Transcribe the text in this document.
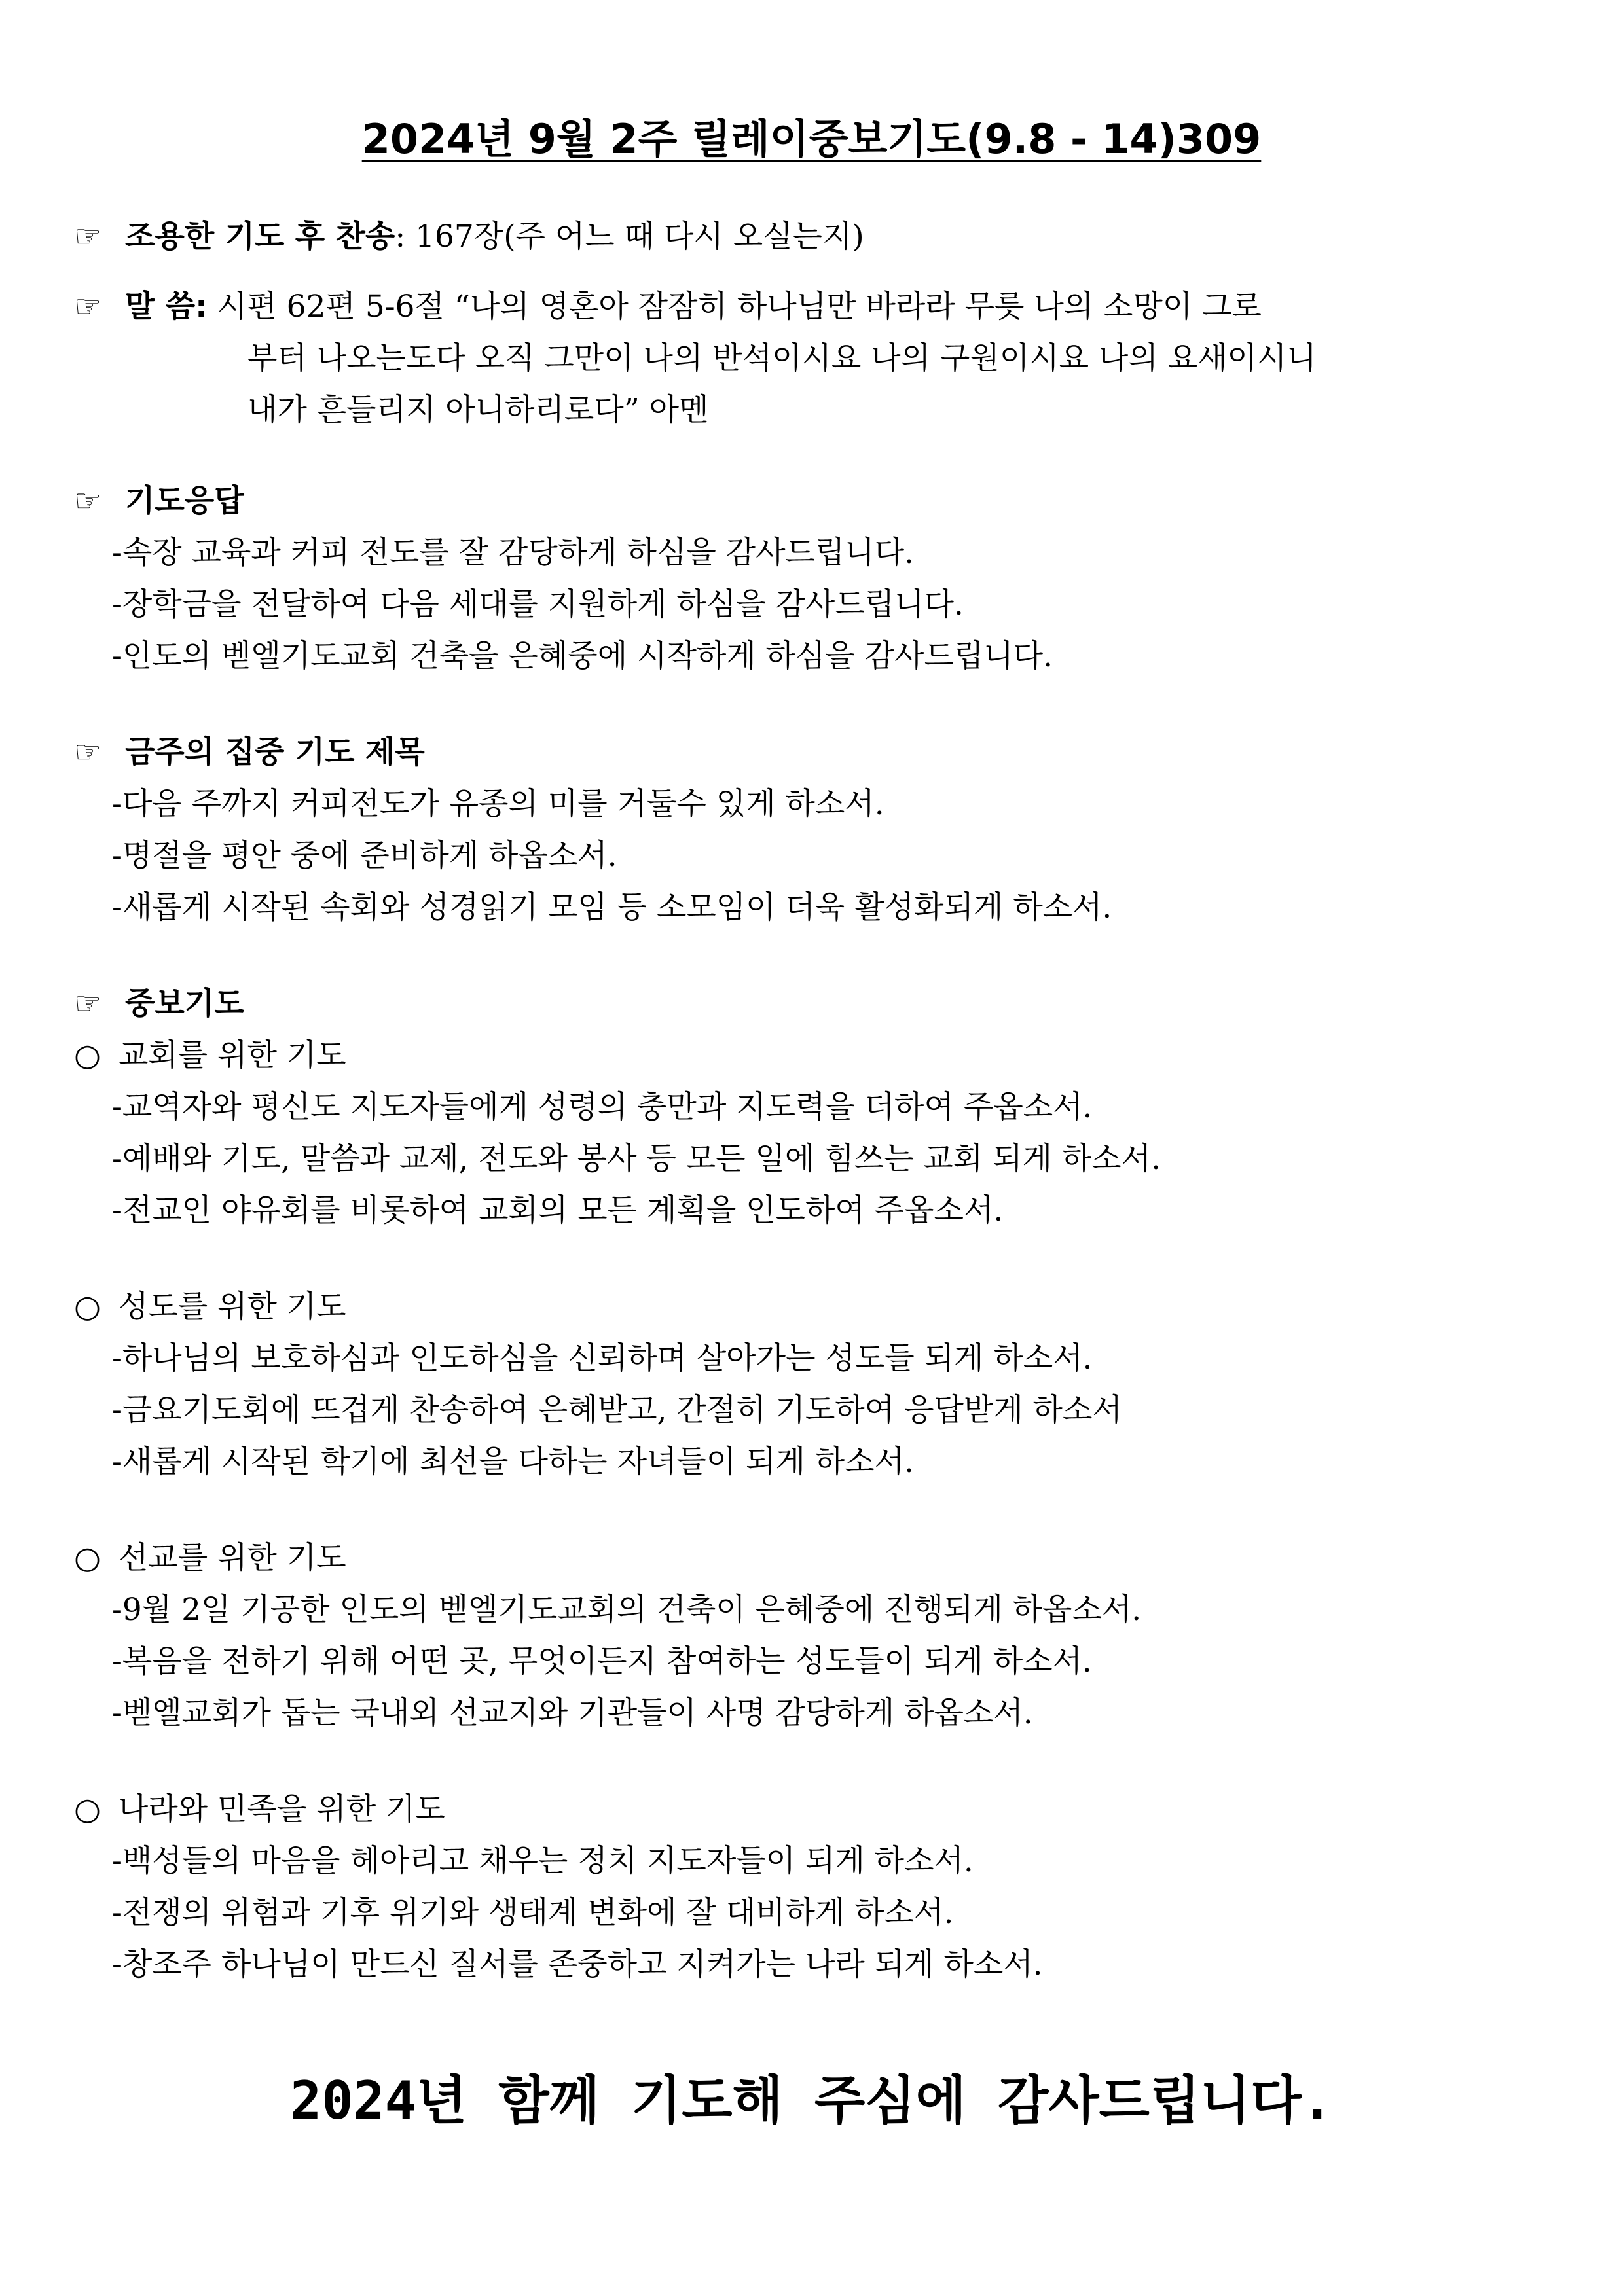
2024년 9월 2주 릴레이중보기도(9.8 - 14)309
☞ 조용한 기도 후 찬송: 167장(주 어느 때 다시 오실는지)
☞ 말 씀: 시편 62편 5-6절 “나의 영혼아 잠잠히 하나님만 바라라 무릇 나의 소망이 그로
부터 나오는도다 오직 그만이 나의 반석이시요 나의 구원이시요 나의 요새이시니
내가 흔들리지 아니하리로다” 아멘
☞ 기도응답
-속장 교육과 커피 전도를 잘 감당하게 하심을 감사드립니다.
-장학금을 전달하여 다음 세대를 지원하게 하심을 감사드립니다.
-인도의 벧엘기도교회 건축을 은혜중에 시작하게 하심을 감사드립니다.
☞ 금주의 집중 기도 제목
-다음 주까지 커피전도가 유종의 미를 거둘수 있게 하소서.
-명절을 평안 중에 준비하게 하옵소서.
-새롭게 시작된 속회와 성경읽기 모임 등 소모임이 더욱 활성화되게 하소서.
☞ 중보기도
○ 교회를 위한 기도
-교역자와 평신도 지도자들에게 성령의 충만과 지도력을 더하여 주옵소서.
-예배와 기도, 말씀과 교제, 전도와 봉사 등 모든 일에 힘쓰는 교회 되게 하소서.
-전교인 야유회를 비롯하여 교회의 모든 계획을 인도하여 주옵소서.
○ 성도를 위한 기도
-하나님의 보호하심과 인도하심을 신뢰하며 살아가는 성도들 되게 하소서.
-금요기도회에 뜨겁게 찬송하여 은혜받고, 간절히 기도하여 응답받게 하소서
-새롭게 시작된 학기에 최선을 다하는 자녀들이 되게 하소서.
○ 선교를 위한 기도
-9월 2일 기공한 인도의 벧엘기도교회의 건축이 은혜중에 진행되게 하옵소서.
-복음을 전하기 위해 어떤 곳, 무엇이든지 참여하는 성도들이 되게 하소서.
-벧엘교회가 돕는 국내외 선교지와 기관들이 사명 감당하게 하옵소서.
○ 나라와 민족을 위한 기도
-백성들의 마음을 헤아리고 채우는 정치 지도자들이 되게 하소서.
-전쟁의 위험과 기후 위기와 생태계 변화에 잘 대비하게 하소서.
-창조주 하나님이 만드신 질서를 존중하고 지켜가는 나라 되게 하소서.
2024년 함께 기도해 주심에 감사드립니다.
